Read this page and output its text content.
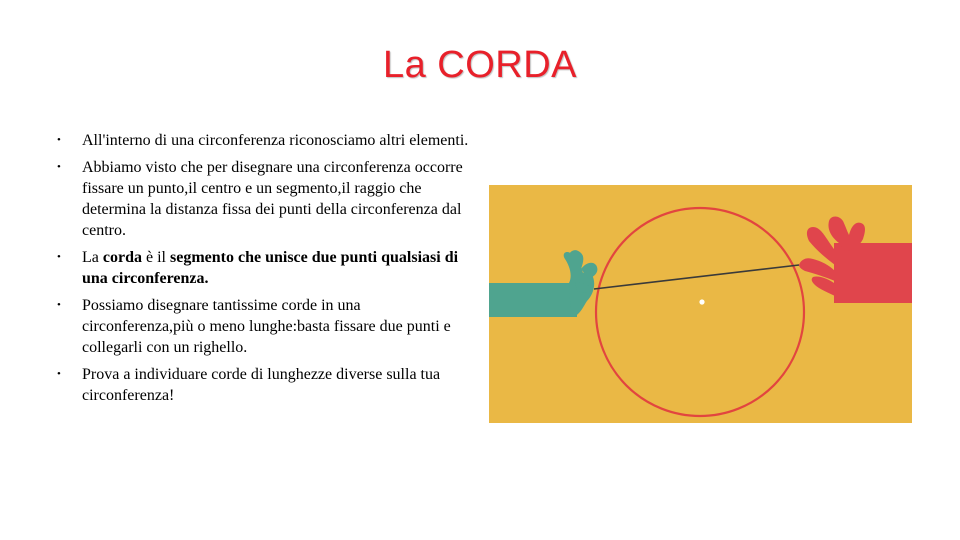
La CORDA
• All'interno di una circonferenza riconosciamo altri elementi.
• Abbiamo visto che per disegnare una circonferenza occorre fissare un punto,il centro e un segmento,il raggio che determina la distanza fissa dei punti della circonferenza dal centro.
• La corda è il segmento che unisce due punti qualsiasi di una circonferenza.
• Possiamo disegnare tantissime corde in una circonferenza,più o meno lunghe:basta fissare due punti e collegarli con un righello.
• Prova a individuare corde di lunghezze diverse sulla tua circonferenza!
